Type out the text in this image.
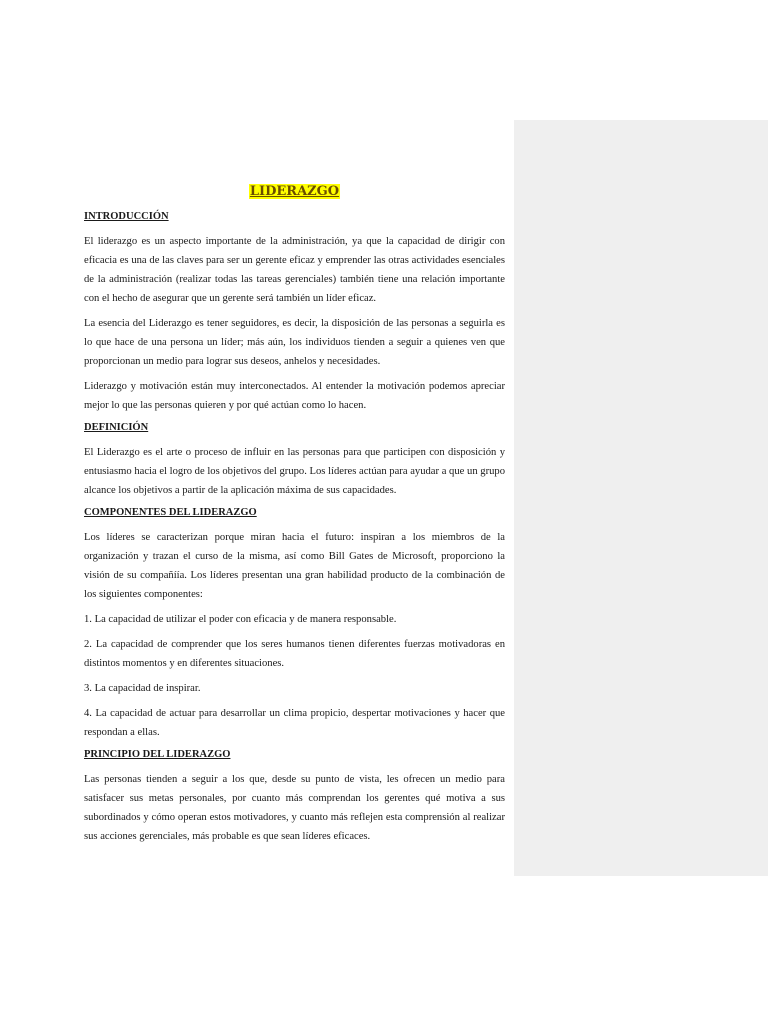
LIDERAZGO
INTRODUCCIÓN

El liderazgo es un aspecto importante de la administración, ya que la capacidad de dirigir con eficacia es una de las claves para ser un gerente eficaz y emprender las otras actividades esenciales de la administración (realizar todas las tareas gerenciales) también tiene una relación importante con el hecho de asegurar que un gerente será también un líder eficaz.

La esencia del Liderazgo es tener seguidores, es decir, la disposición de las personas a seguirla es lo que hace de una persona un líder; más aún, los individuos tienden a seguir a quienes ven que proporcionan un medio para lograr sus deseos, anhelos y necesidades.

Liderazgo y motivación están muy interconectados. Al entender la motivación podemos apreciar mejor lo que las personas quieren y por qué actúan como lo hacen.

DEFINICIÓN

El Liderazgo es el arte o proceso de influir en las personas para que participen con disposición y entusiasmo hacia el logro de los objetivos del grupo. Los líderes actúan para ayudar a que un grupo alcance los objetivos a partir de la aplicación máxima de sus capacidades.

COMPONENTES DEL LIDERAZGO

Los líderes se caracterizan porque miran hacia el futuro: inspiran a los miembros de la organización y trazan el curso de la misma, así como Bill Gates de Microsoft, proporciono la visión de su compañíía. Los líderes presentan una gran habilidad producto de la combinación de los siguientes componentes:

1. La capacidad de utilizar el poder con eficacia y de manera responsable.

2. La capacidad de comprender que los seres humanos tienen diferentes fuerzas motivadoras en distintos momentos y en diferentes situaciones.

3. La capacidad de inspirar.

4. La capacidad de actuar para desarrollar un clima propicio, despertar motivaciones y hacer que respondan a ellas.

PRINCIPIO DEL LIDERAZGO

Las personas tienden a seguir a los que, desde su punto de vista, les ofrecen un medio para satisfacer sus metas personales, por cuanto más comprendan los gerentes qué motiva a sus subordinados y cómo operan estos motivadores, y cuanto más reflejen esta comprensión al realizar sus acciones gerenciales, más probable es que sean líderes eficaces.
